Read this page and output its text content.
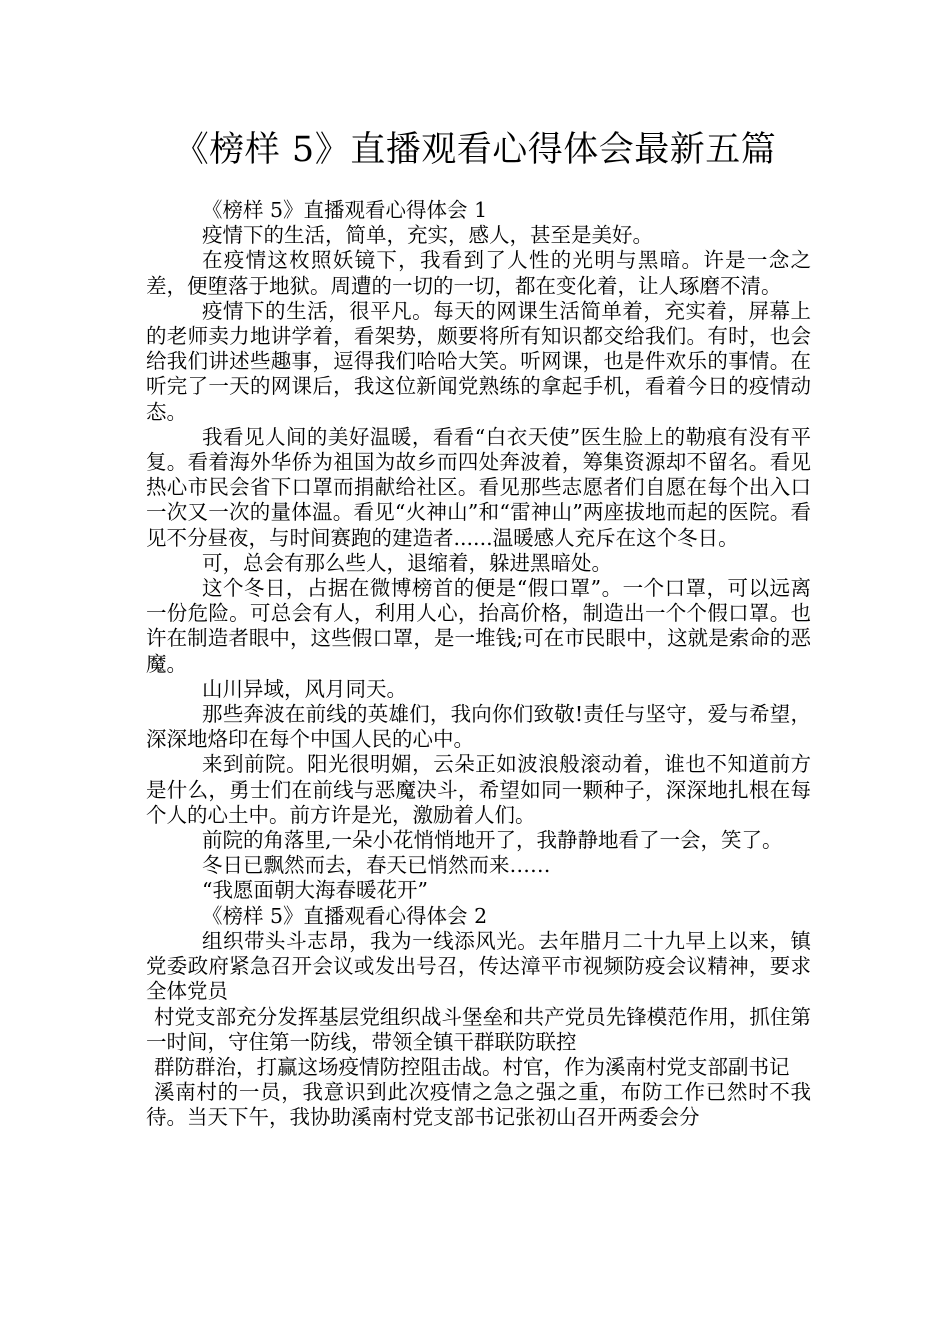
《榜样 5》直播观看心得体会最新五篇

《榜样 5》直播观看心得体会 1

疫情下的生活，简单，充实，感人，甚至是美好。

在疫情这枚照妖镜下，我看到了人性的光明与黑暗。许是一念之差，便堕落于地狱。周遭的一切的一切，都在变化着，让人琢磨不清。

疫情下的生活，很平凡。每天的网课生活简单着，充实着，屏幕上的老师卖力地讲学着，看架势，颇要将所有知识都交给我们。有时，也会给我们讲述些趣事，逗得我们哈哈大笑。听网课，也是件欢乐的事情。在听完了一天的网课后，我这位新闻党熟练的拿起手机，看着今日的疫情动态。

我看见人间的美好温暖，看看“白衣天使”医生脸上的勒痕有没有平复。看着海外华侨为祖国为故乡而四处奔波着，筹集资源却不留名。看见热心市民会省下口罩而捐献给社区。看见那些志愿者们自愿在每个出入口一次又一次的量体温。看见“火神山”和“雷神山”两座拔地而起的医院。看见不分昼夜，与时间赛跑的建造者......温暖感人充斥在这个冬日。

可，总会有那么些人，退缩着，躲进黑暗处。

这个冬日，占据在微博榜首的便是“假口罩”。一个口罩，可以远离一份危险。可总会有人，利用人心，抬高价格，制造出一个个假口罩。也许在制造者眼中，这些假口罩，是一堆钱;可在市民眼中，这就是索命的恶魔。

山川异域，风月同天。

那些奔波在前线的英雄们，我向你们致敬!责任与坚守，爱与希望，深深地烙印在每个中国人民的心中。

来到前院。阳光很明媚，云朵正如波浪般滚动着，谁也不知道前方是什么，勇士们在前线与恶魔决斗，希望如同一颗种子，深深地扎根在每个人的心土中。前方许是光，激励着人们。

前院的角落里,一朵小花悄悄地开了，我静静地看了一会，笑了。

冬日已飘然而去，春天已悄然而来……

“我愿面朝大海春暖花开”

《榜样 5》直播观看心得体会 2

组织带头斗志昂，我为一线添风光。去年腊月二十九早上以来，镇党委政府紧急召开会议或发出号召，传达漳平市视频防疫会议精神，要求全体党员

村党支部充分发挥基层党组织战斗堡垒和共产党员先锋模范作用，抓住第一时间，守住第一防线，带领全镇干群联防联控

群防群治，打赢这场疫情防控阻击战。村官，作为溪南村党支部副书记

溪南村的一员，我意识到此次疫情之急之强之重，布防工作已然时不我待。当天下午，我协助溪南村党支部书记张初山召开两委会分
